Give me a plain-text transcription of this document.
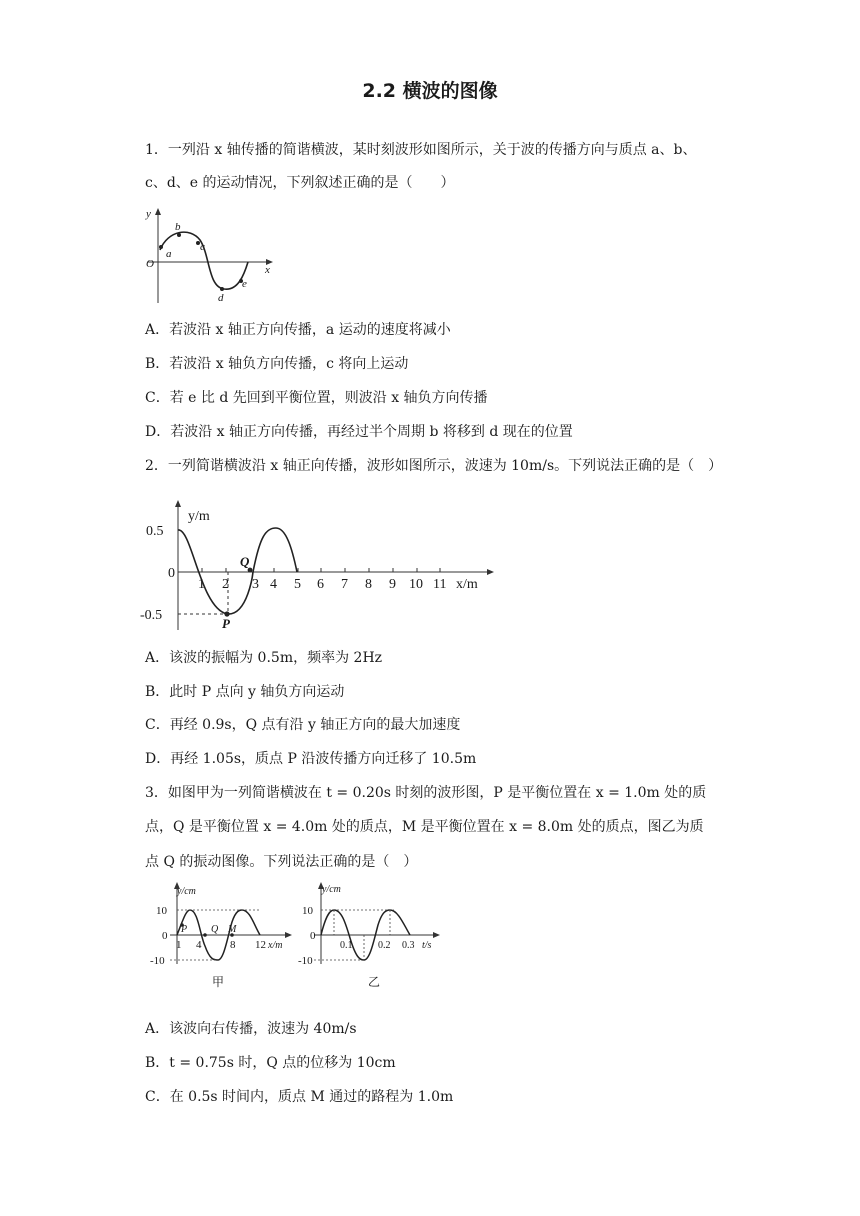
2.2 横波的图像
1．一列沿 x 轴传播的简谐横波，某时刻波形如图所示，关于波的传播方向与质点 a、b、
c、d、e 的运动情况，下列叙述正确的是（　　）
y
x
O
a
b
c
d
e
A．若波沿 x 轴正方向传播，a 运动的速度将减小
B．若波沿 x 轴负方向传播，c 将向上运动
C．若 e 比 d 先回到平衡位置，则波沿 x 轴负方向传播
D．若波沿 x 轴正方向传播，再经过半个周期 b 将移到 d 现在的位置
2．一列简谐横波沿 x 轴正向传播，波形如图所示，波速为 10m/s。下列说法正确的是（　）
y/m
x/m
0.5
0
-0.5
1 2 3 4 5 6 7 8 9 10 11
P
Q
A．该波的振幅为 0.5m，频率为 2Hz
B．此时 P 点向 y 轴负方向运动
C．再经 0.9s，Q 点有沿 y 轴正方向的最大加速度
D．再经 1.05s，质点 P 沿波传播方向迁移了 10.5m
3．如图甲为一列简谐横波在 t = 0.20s 时刻的波形图，P 是平衡位置在 x = 1.0m 处的质
点，Q 是平衡位置 x = 4.0m 处的质点，M 是平衡位置在 x = 8.0m 处的质点，图乙为质
点 Q 的振动图像。下列说法正确的是（　）
y/cm
x/m
10
0
-10
1 4	8 12
P Q M
甲
y/cm
t/s
10
0
-10
0.1	0.2 0.3
乙
A．该波向右传播，波速为 40m/s
B．t = 0.75s 时，Q 点的位移为 10cm
C．在 0.5s 时间内，质点 M 通过的路程为 1.0m
